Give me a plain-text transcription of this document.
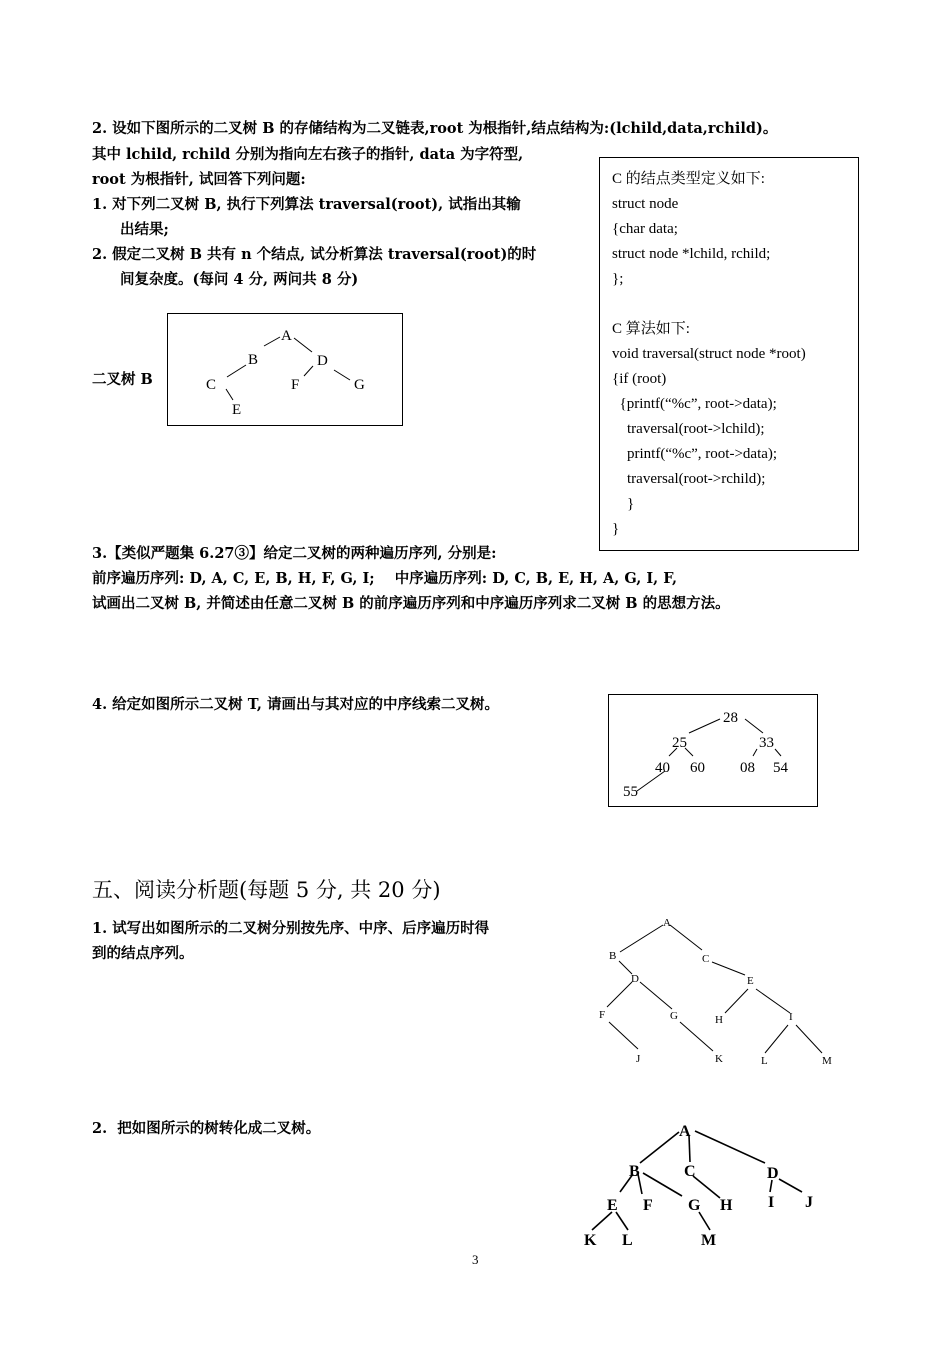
2. 设如下图所示的二叉树 B 的存储结构为二叉链表,root 为根指针,结点结构为:(lchild,data,rchild)。
其中 lchild, rchild 分别为指向左右孩子的指针, data 为字符型,
root 为根指针, 试回答下列问题:
1. 对下列二叉树 B, 执行下列算法 traversal(root), 试指出其输
出结果;
2. 假定二叉树 B 共有 n 个结点, 试分析算法 traversal(root)的时
间复杂度。(每问 4 分, 两问共 8 分)
C 的结点类型定义如下:
struct node
{char data;
struct node *lchild, rchild;
};
C 算法如下:
void traversal(struct node *root)
{if (root)
{printf(“%c”, root->data);
traversal(root->lchild);
printf(“%c”, root->data);
traversal(root->rchild);
}
}
二叉树 B
A
B	D
C	F	G
E
3.【类似严题集 6.27③】给定二叉树的两种遍历序列, 分别是:
前序遍历序列: D, A, C, E, B, H, F, G, I;    中序遍历序列: D, C, B, E, H, A, G, I, F,
试画出二叉树 B, 并简述由任意二叉树 B 的前序遍历序列和中序遍历序列求二叉树 B 的思想方法。
4. 给定如图所示二叉树 T, 请画出与其对应的中序线索二叉树。
28
25	33
40 60 08 54
55
五、阅读分析题(每题 5 分, 共 20 分)
1. 试写出如图所示的二叉树分别按先序、中序、后序遍历时得
到的结点序列。
A
B	C
D	E
F	G	H	I
J	K	L	M
2.  把如图所示的树转化成二叉树。	A
B	C	D
E F G H I J
K L	M
3
